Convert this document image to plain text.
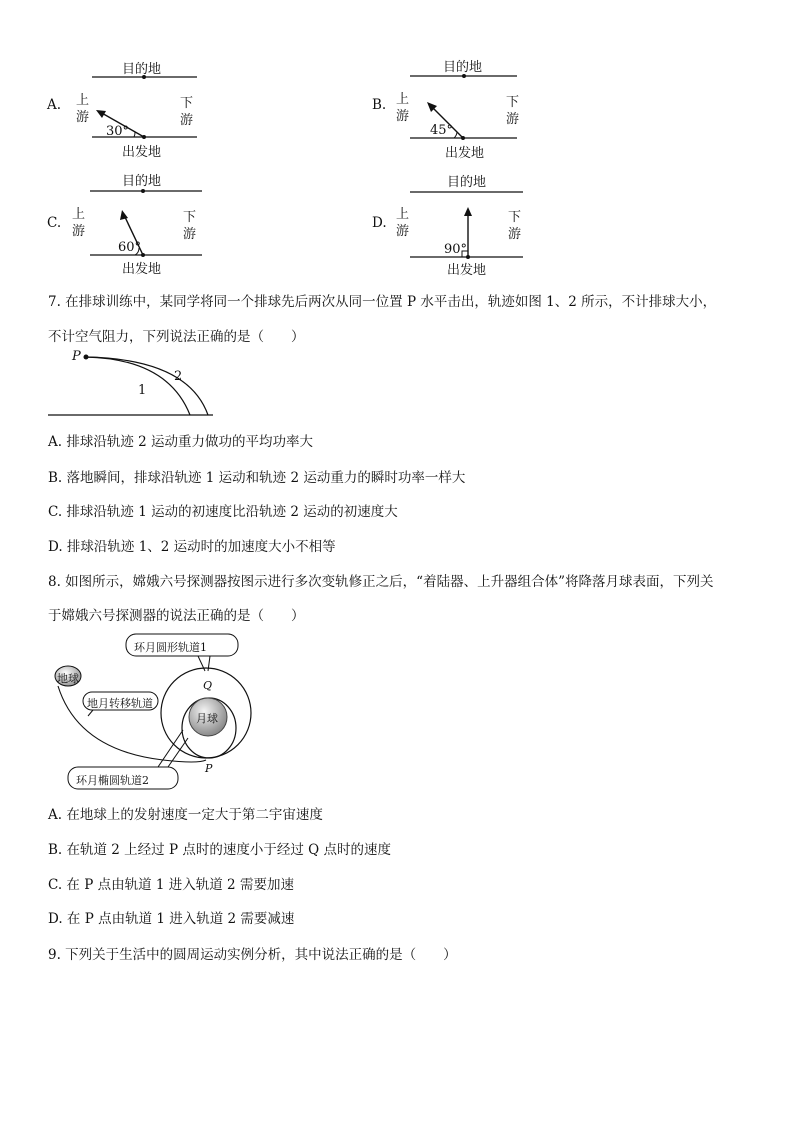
A.
目的地
上
游
下
游
30°
出发地
B.
目的地
上
游
下
游
45°
出发地
C.
目的地
上
游
下
游
60°
出发地
D.
目的地
上
游
下
游
90°
出发地
7. 在排球训练中，某同学将同一个排球先后两次从同一位置 P 水平击出，轨迹如图 1、2 所示，不计排球大小，
不计空气阻力，下列说法正确的是（　　）
P
1
2
A. 排球沿轨迹 2 运动重力做功的平均功率大
B. 落地瞬间，排球沿轨迹 1 运动和轨迹 2 运动重力的瞬时功率一样大
C. 排球沿轨迹 1 运动的初速度比沿轨迹 2 运动的初速度大
D. 排球沿轨迹 1、2 运动时的加速度大小不相等
8. 如图所示，嫦娥六号探测器按图示进行多次变轨修正之后，“着陆器、上升器组合体”将降落月球表面，下列关
于嫦娥六号探测器的说法正确的是（　　）
地球
月球
地月转移轨道
环月圆形轨道1
环月椭圆轨道2
Q
P
A. 在地球上的发射速度一定大于第二宇宙速度
B. 在轨道 2 上经过 P 点时的速度小于经过 Q 点时的速度
C. 在 P 点由轨道 1 进入轨道 2 需要加速
D. 在 P 点由轨道 1 进入轨道 2 需要减速
9. 下列关于生活中的圆周运动实例分析，其中说法正确的是（　　）
